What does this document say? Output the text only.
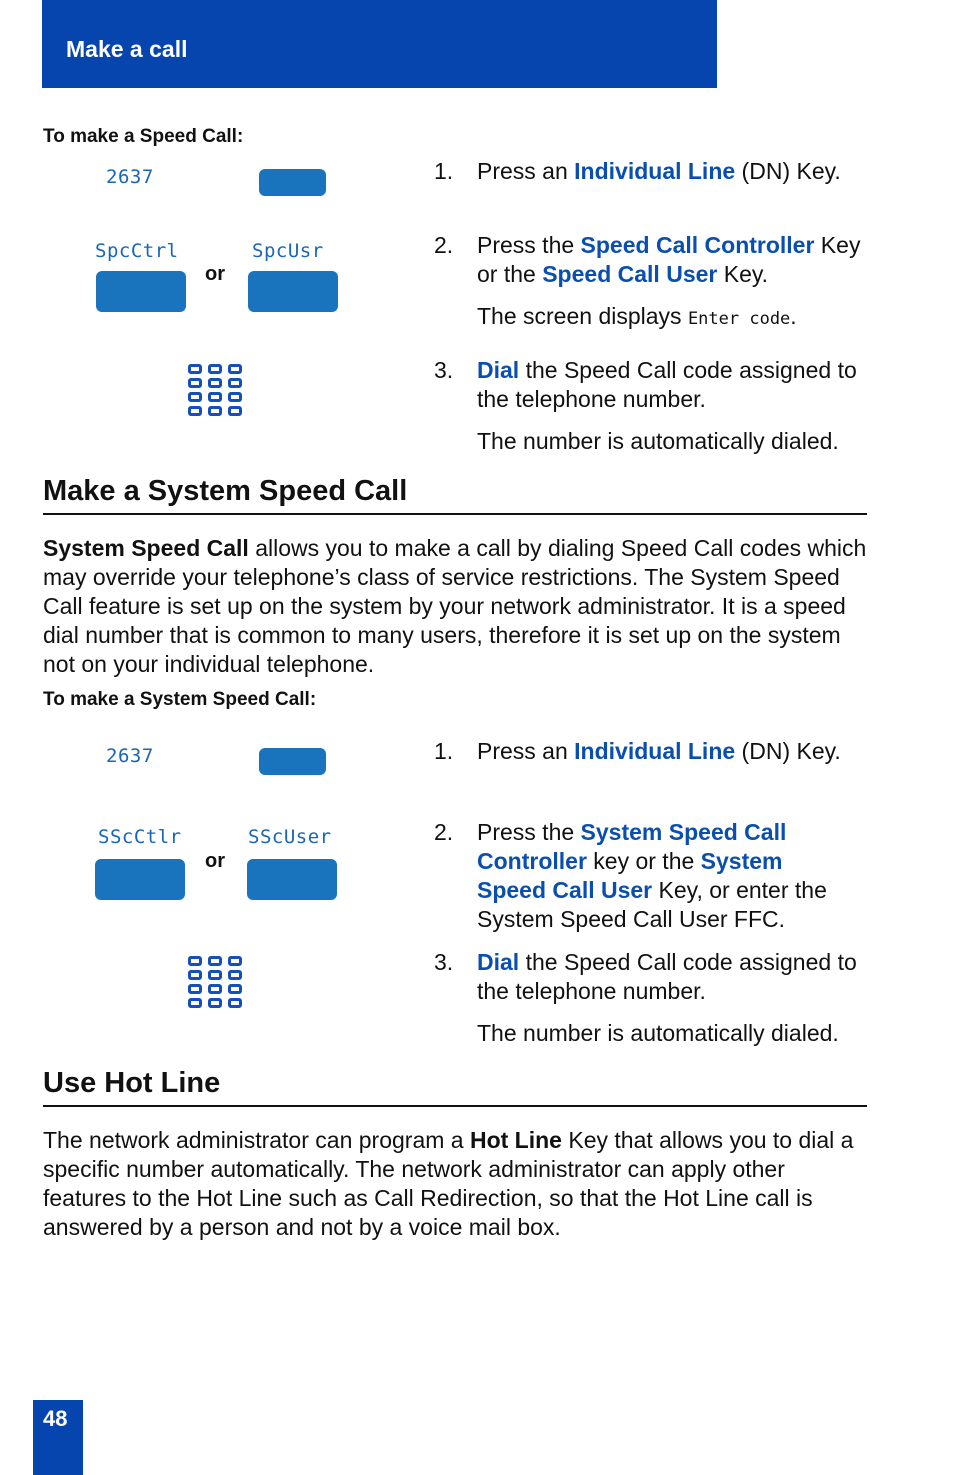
Make a call
To make a Speed Call:
2637
SpcCtrl	SpcUsr
or
1. Press an Individual Line (DN) Key.
2. Press the Speed Call Controller Key or the Speed Call User Key.
The screen displays Enter code.
3. Dial the Speed Call code assigned to the telephone number.
The number is automatically dialed.
Make a System Speed Call
System Speed Call allows you to make a call by dialing Speed Call codes which may override your telephone’s class of service restrictions. The System Speed Call feature is set up on the system by your network administrator. It is a speed dial number that is common to many users, therefore it is set up on the system not on your individual telephone.
To make a System Speed Call:
2637
SScCtlr	SScUser
or
1. Press an Individual Line (DN) Key.
2. Press the System Speed Call Controller key or the System Speed Call User Key, or enter the System Speed Call User FFC.
3. Dial the Speed Call code assigned to the telephone number.
The number is automatically dialed.
Use Hot Line
The network administrator can program a Hot Line Key that allows you to dial a specific number automatically. The network administrator can apply other features to the Hot Line such as Call Redirection, so that the Hot Line call is answered by a person and not by a voice mail box.
48
